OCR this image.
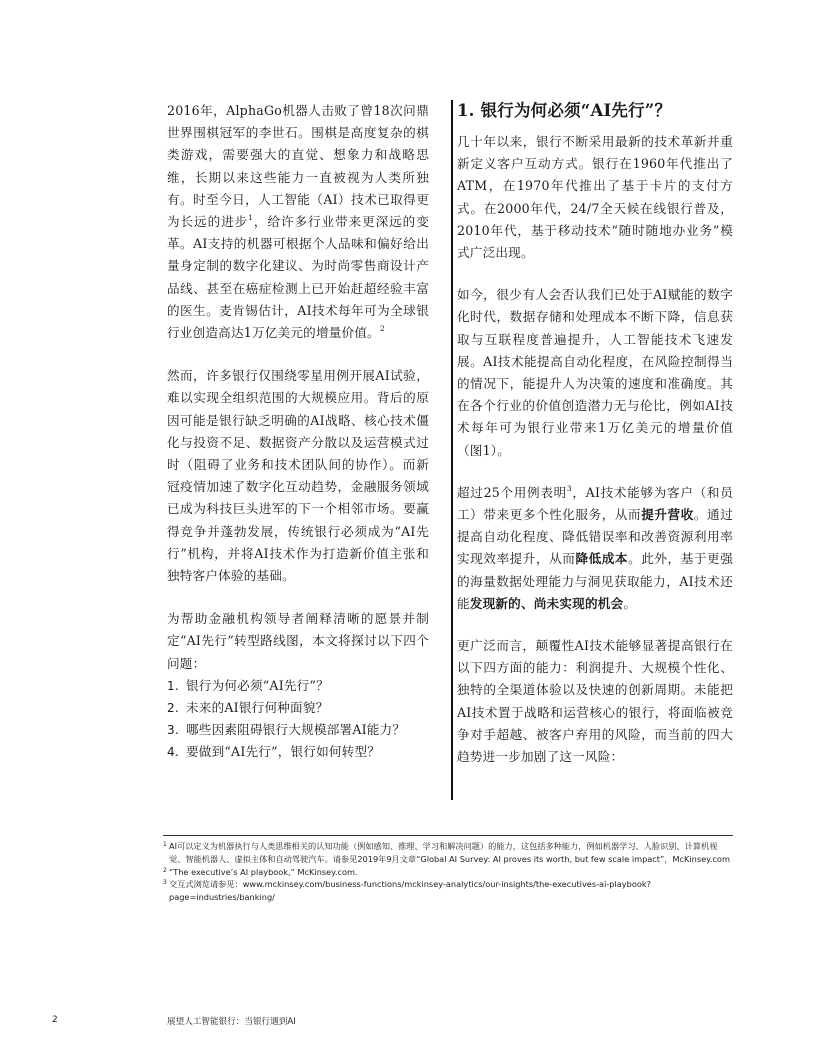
2016年，AlphaGo机器人击败了曾18次问鼎世界围棋冠军的李世石。围棋是高度复杂的棋类游戏，需要强大的直觉、想象力和战略思维，长期以来这些能力一直被视为人类所独有。时至今日，人工智能（AI）技术已取得更为长远的进步$^1$，给许多行业带来更深远的变革。AI支持的机器可根据个人品味和偏好给出量身定制的数字化建议、为时尚零售商设计产品线、甚至在癌症检测上已开始赶超经验丰富的医生。麦肯锡估计，AI技术每年可为全球银行业创造高达1万亿美元的增量价值。$^2$

然而，许多银行仅围绕零星用例开展AI试验，难以实现全组织范围的大规模应用。背后的原因可能是银行缺乏明确的AI战略、核心技术僵化与投资不足、数据资产分散以及运营模式过时（阻碍了业务和技术团队间的协作）。而新冠疫情加速了数字化互动趋势，金融服务领域已成为科技巨头进军的下一个相邻市场。要赢得竞争并蓬勃发展，传统银行必须成为“AI先行”机构，并将AI技术作为打造新价值主张和独特客户体验的基础。

为帮助金融机构领导者阐释清晰的愿景并制定“AI先行”转型路线图，本文将探讨以下四个问题：

1. 银行为何必须“AI先行”？
2. 未来的AI银行何种面貌？
3. 哪些因素阻碍银行大规模部署AI能力？
4. 要做到“AI先行”，银行如何转型？
1. 银行为何必须“AI先行”？

几十年以来，银行不断采用最新的技术革新并重新定义客户互动方式。银行在1960年代推出了ATM，在1970年代推出了基于卡片的支付方式。在2000年代，24/7全天候在线银行普及，2010年代，基于移动技术“随时随地办业务”模式广泛出现。

如今，很少有人会否认我们已处于AI赋能的数字化时代，数据存储和处理成本不断下降，信息获取与互联程度普遍提升，人工智能技术飞速发展。AI技术能提高自动化程度，在风险控制得当的情况下，能提升人为决策的速度和准确度。其在各个行业的价值创造潜力无与伦比，例如AI技术每年可为银行业带来1万亿美元的增量价值（图1）。

超过25个用例表明$^3$，AI技术能够为客户（和员工）带来更多个性化服务，从而提升营收。通过提高自动化程度、降低错误率和改善资源利用率实现效率提升，从而降低成本。此外，基于更强的海量数据处理能力与洞见获取能力，AI技术还能发现新的、尚未实现的机会。

更广泛而言，颠覆性AI技术能够显著提高银行在以下四方面的能力：利润提升、大规模个性化、独特的全渠道体验以及快速的创新周期。未能把AI技术置于战略和运营核心的银行，将面临被竞争对手超越、被客户弃用的风险，而当前的四大趋势进一步加剧了这一风险：

1 AI可以定义为机器执行与人类思维相关的认知功能（例如感知、推理、学习和解决问题）的能力，这包括多种能力，例如机器学习、人脸识别、计算机视觉、智能机器人、虚拟主体和自动驾驶汽车。请参见2019年9月文章“Global AI Survey: AI proves its worth, but few scale impact”，McKinsey.com
2 “The executive’s AI playbook,” McKinsey.com.
3 交互式浏览请参见：www.mckinsey.com/business-functions/mckinsey-analytics/our-insights/the-executives-ai-playbook?page=industries/banking/
2	展望人工智能银行：当银行遇到AI
